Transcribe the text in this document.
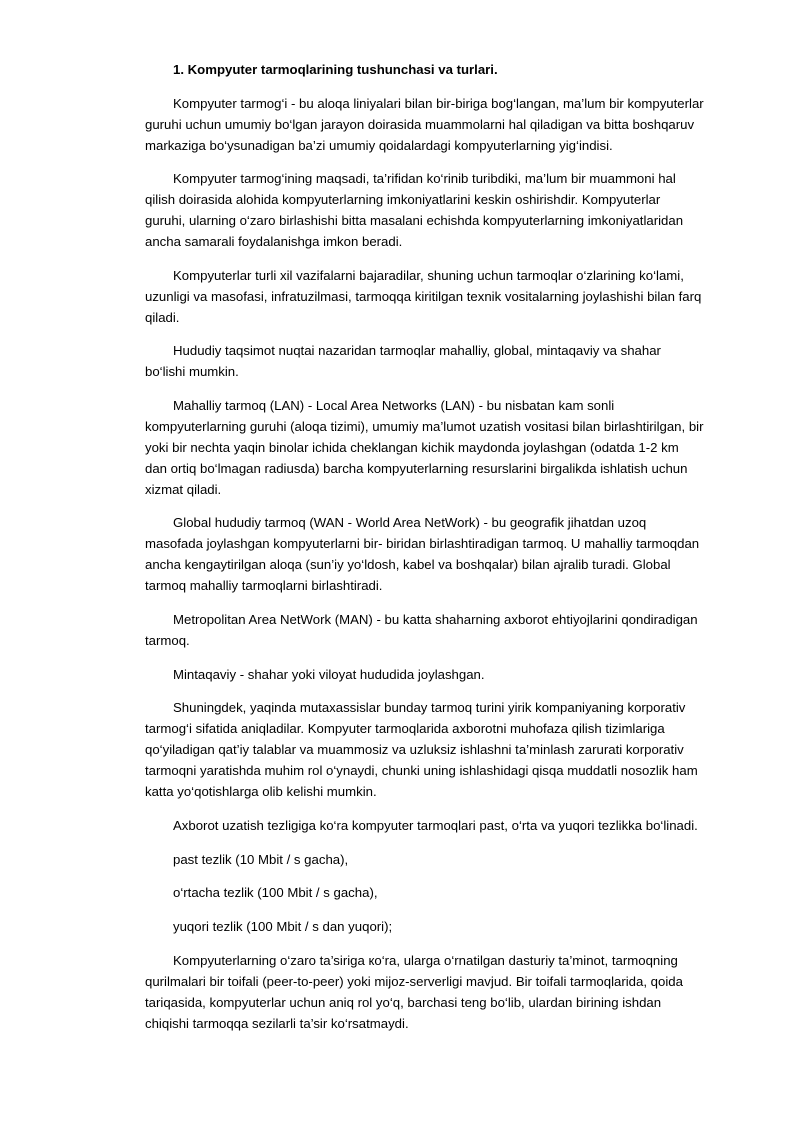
1. Kompyuter tarmoqlarining tushunchasi va turlari.

Kompyuter tarmog‘i - bu aloqa liniyalari bilan bir-biriga bog‘langan, ma’lum bir kompyuterlar guruhi uchun umumiy bo‘lgan jarayon doirasida muammolarni hal qiladigan va bitta boshqaruv markaziga bo‘ysunadigan ba’zi umumiy qoidalardagi kompyuterlarning yig‘indisi.

Kompyuter tarmog‘ining maqsadi, ta’rifidan ko‘rinib turibdiki, ma’lum bir muammoni hal qilish doirasida alohida kompyuterlarning imkoniyatlarini keskin oshirishdir. Kompyuterlar guruhi, ularning o‘zaro birlashishi bitta masalani echishda kompyuterlarning imkoniyatlaridan ancha samarali foydalanishga imkon beradi.

Kompyuterlar turli xil vazifalarni bajaradilar, shuning uchun tarmoqlar o‘zlarining ko‘lami, uzunligi va masofasi, infratuzilmasi, tarmoqqa kiritilgan texnik vositalarning joylashishi bilan farq qiladi.

Hududiy taqsimot nuqtai nazaridan tarmoqlar mahalliy, global, mintaqaviy va shahar bo‘lishi mumkin.

Mahalliy tarmoq (LAN) - Local Area Networks (LAN) - bu nisbatan kam sonli kompyuterlarning guruhi (aloqa tizimi), umumiy ma’lumot uzatish vositasi bilan birlashtirilgan, bir yoki bir nechta yaqin binolar ichida cheklangan kichik maydonda joylashgan (odatda 1-2 km dan ortiq bo‘lmagan radiusda) barcha kompyuterlarning resurslarini birgalikda ishlatish uchun xizmat qiladi.

Global hududiy tarmoq (WAN - World Area NetWork) - bu geografik jihatdan uzoq masofada joylashgan kompyuterlarni bir- biridan birlashtiradigan tarmoq. U mahalliy tarmoqdan ancha kengaytirilgan aloqa (sun’iy yo‘ldosh, kabel va boshqalar) bilan ajralib turadi. Global tarmoq mahalliy tarmoqlarni birlashtiradi.

Metropolitan Area NetWork (MAN) - bu katta shaharning axborot ehtiyojlarini qondiradigan tarmoq.

Mintaqaviy - shahar yoki viloyat hududida joylashgan.

Shuningdek, yaqinda mutaxassislar bunday tarmoq turini yirik kompaniyaning korporativ tarmog‘i sifatida aniqladilar. Kompyuter tarmoqlarida axborotni muhofaza qilish tizimlariga qo‘yiladigan qat’iy talablar va muammosiz va uzluksiz ishlashni ta’minlash zarurati korporativ tarmoqni yaratishda muhim rol o‘ynaydi, chunki uning ishlashidagi qisqa muddatli nosozlik ham katta yo‘qotishlarga olib kelishi mumkin.

Axborot uzatish tezligiga ko‘ra kompyuter tarmoqlari past, o‘rta va yuqori tezlikka bo‘linadi.

past tezlik (10 Mbit / s gacha),

o‘rtacha tezlik (100 Mbit / s gacha),

yuqori tezlik (100 Mbit / s dan yuqori);

Kompyuterlarning o‘zaro ta’siriga ко‘ra, ularga o‘rnatilgan dasturiy ta’minot, tarmoqning qurilmalari bir toifali (peer-to-peer) yoki mijoz-serverligi mavjud. Bir toifali tarmoqlarida, qoida tariqasida, kompyuterlar uchun aniq rol yo‘q, barchasi teng bo‘lib, ulardan birining ishdan chiqishi tarmoqqa sezilarli ta’sir ko‘rsatmaydi.
